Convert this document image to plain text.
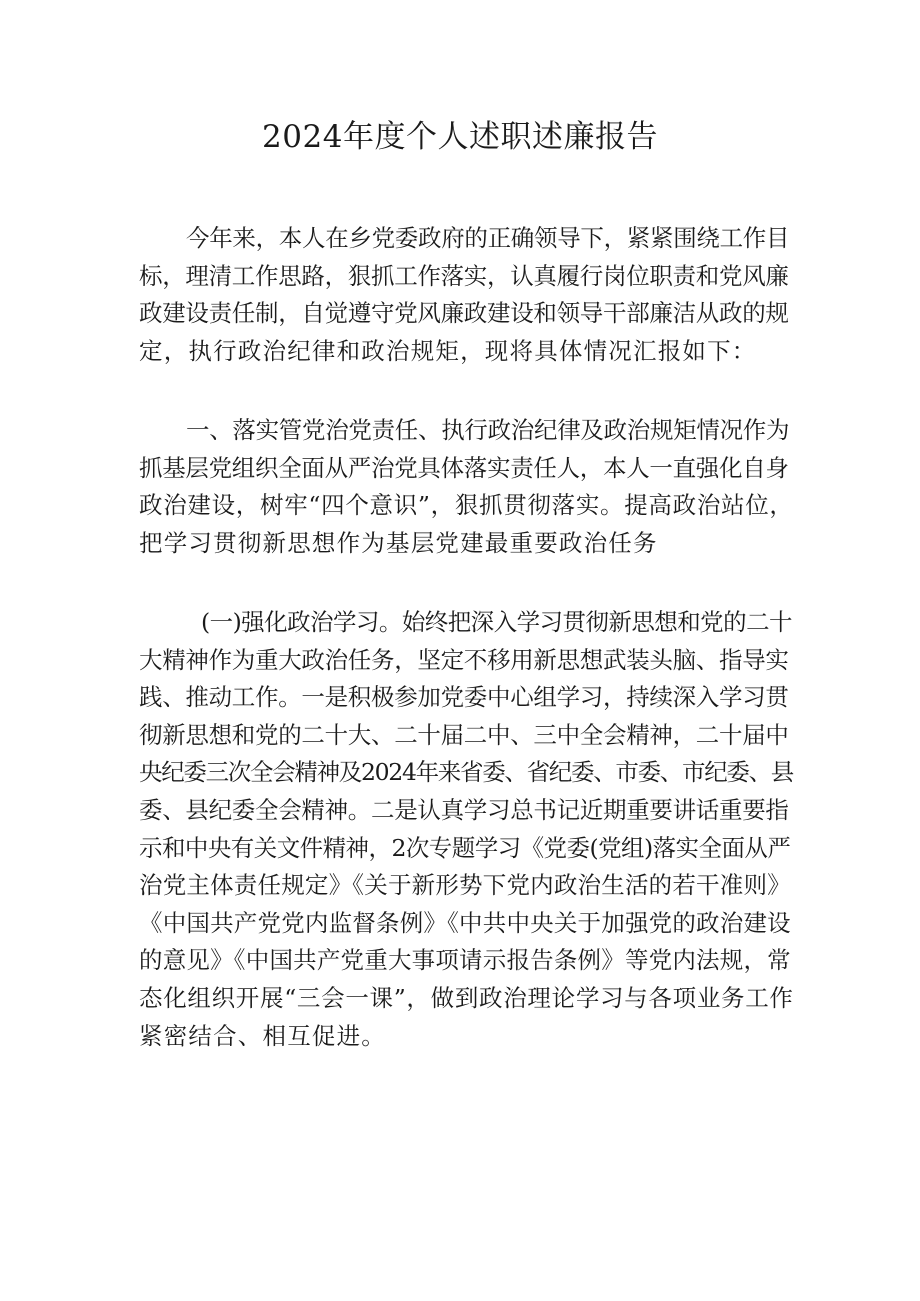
2024年度个人述职述廉报告
今年来，本人在乡党委政府的正确领导下，紧紧围绕工作目
标，理清工作思路，狠抓工作落实，认真履行岗位职责和党风廉
政建设责任制，自觉遵守党风廉政建设和领导干部廉洁从政的规
定，执行政治纪律和政治规矩，现将具体情况汇报如下：
一、落实管党治党责任、执行政治纪律及政治规矩情况作为
抓基层党组织全面从严治党具体落实责任人，本人一直强化自身
政治建设，树牢“四个意识”，狠抓贯彻落实。提高政治站位，
把学习贯彻新思想作为基层党建最重要政治任务
(一)强化政治学习。始终把深入学习贯彻新思想和党的二十
大精神作为重大政治任务，坚定不移用新思想武装头脑、指导实
践、推动工作。一是积极参加党委中心组学习，持续深入学习贯
彻新思想和党的二十大、二十届二中、三中全会精神，二十届中
央纪委三次全会精神及2024年来省委、省纪委、市委、市纪委、县
委、县纪委全会精神。二是认真学习总书记近期重要讲话重要指
示和中央有关文件精神，2次专题学习《党委(党组)落实全面从严
治党主体责任规定》《关于新形势下党内政治生活的若干准则》
《中国共产党党内监督条例》《中共中央关于加强党的政治建设
的意见》《中国共产党重大事项请示报告条例》等党内法规，常
态化组织开展“三会一课”，做到政治理论学习与各项业务工作
紧密结合、相互促进。
